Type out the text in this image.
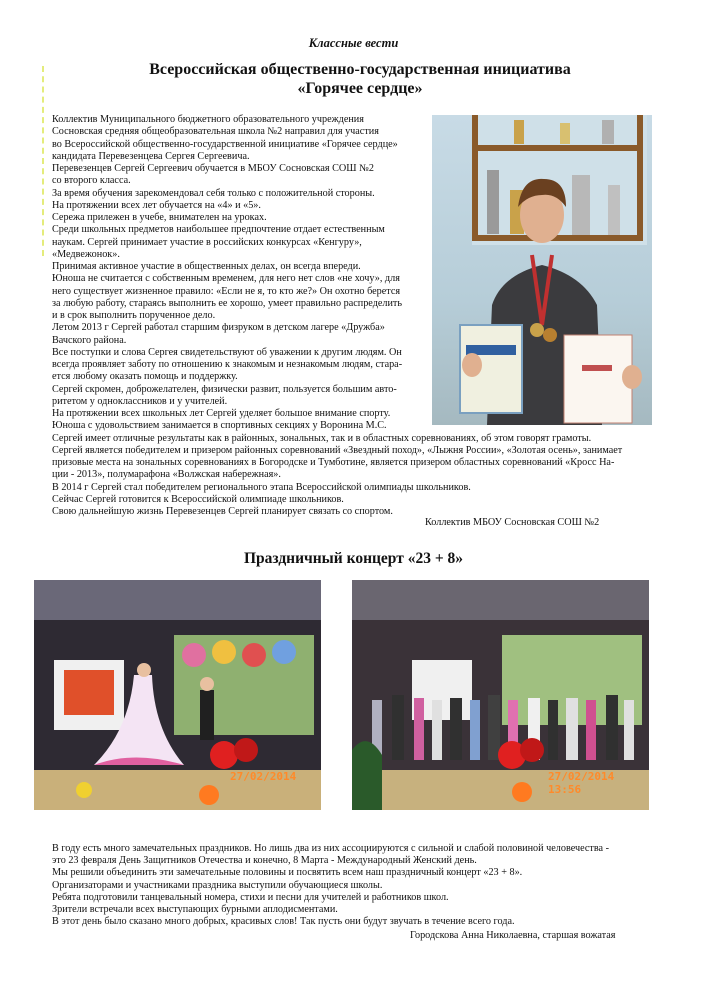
Классные вести
Всероссийская общественно-государственная инициатива
«Горячее сердце»

Коллектив Муниципального бюджетного образовательного учреждения

Сосновская средняя общеобразовательная школа №2 направил для участия

во Всероссийской общественно-государственной инициативе «Горячее сердце»

кандидата Перевезенцева Сергея Сергеевича.

Перевезенцев Сергей Сергеевич обучается в МБОУ Сосновская СОШ №2

со второго класса.

За время обучения зарекомендовал себя только с положительной стороны.

На протяжении всех лет обучается на «4» и «5».

Сережа прилежен в учебе, внимателен на уроках.

Среди школьных предметов наибольшее предпочтение отдает естественным

наукам. Сергей принимает участие в российских конкурсах «Кенгуру»,

«Медвежонок».

Принимая активное участие в общественных делах, он всегда впереди.

Юноша не считается с собственным временем, для него нет слов «не хочу», для

него существует жизненное правило: «Если не я, то кто же?» Он охотно берется

за любую работу, стараясь выполнить ее хорошо, умеет правильно распределить

и в срок выполнить порученное дело.

Летом 2013 г Сергей работал старшим физруком в детском лагере «Дружба»

Вачского района.

Все поступки и слова Сергея свидетельствуют об уважении к другим людям. Он

всегда проявляет заботу по отношению к знакомым и незнакомым людям, стара-

ется любому оказать помощь и поддержку.

Сергей скромен, доброжелателен, физически развит, пользуется большим авто-

ритетом у одноклассников и у учителей.

На протяжении всех школьных лет Сергей уделяет большое внимание спорту.

Юноша с удовольствием занимается в спортивных секциях у Воронина М.С.

Сергей имеет отличные результаты как в районных, зональных, так и в областных соревнованиях, об этом говорят грамоты.

Сергей является победителем и призером районных соревнований «Звездный поход», «Лыжня России», «Золотая осень», занимает

призовые места на зональных соревнованиях в Богородске и Тумботине, является призером областных соревнований «Кросс На-

ции - 2013», полумарафона «Волжская набережная».

В 2014 г Сергей стал победителем регионального этапа Всероссийской олимпиады школьников.

Сейчас Сергей готовится к Всероссийской олимпиаде школьников.

Свою дальнейшую жизнь Перевезенцев Сергей планирует связать со спортом.

Коллектив МБОУ Сосновская СОШ №2
Праздничный концерт «23 + 8»
27/02/2014	27/02/2014 13:56

В году есть много замечательных праздников. Но лишь два из них ассоциируются с сильной и слабой половиной человечества -

это 23 февраля День Защитников Отечества и конечно, 8 Марта - Международный Женский день.

Мы решили объединить эти замечательные половины и посвятить всем наш праздничный концерт «23 + 8».

Организаторами и участниками праздника выступили обучающиеся школы.

Ребята подготовили танцевальный номера, стихи и песни для учителей и работников школ.

Зрители встречали всех выступающих бурными аплодисментами.

В этот день было сказано много добрых, красивых слов! Так пусть они будут звучать в течение всего года.

Городскова Анна Николаевна, старшая вожатая
